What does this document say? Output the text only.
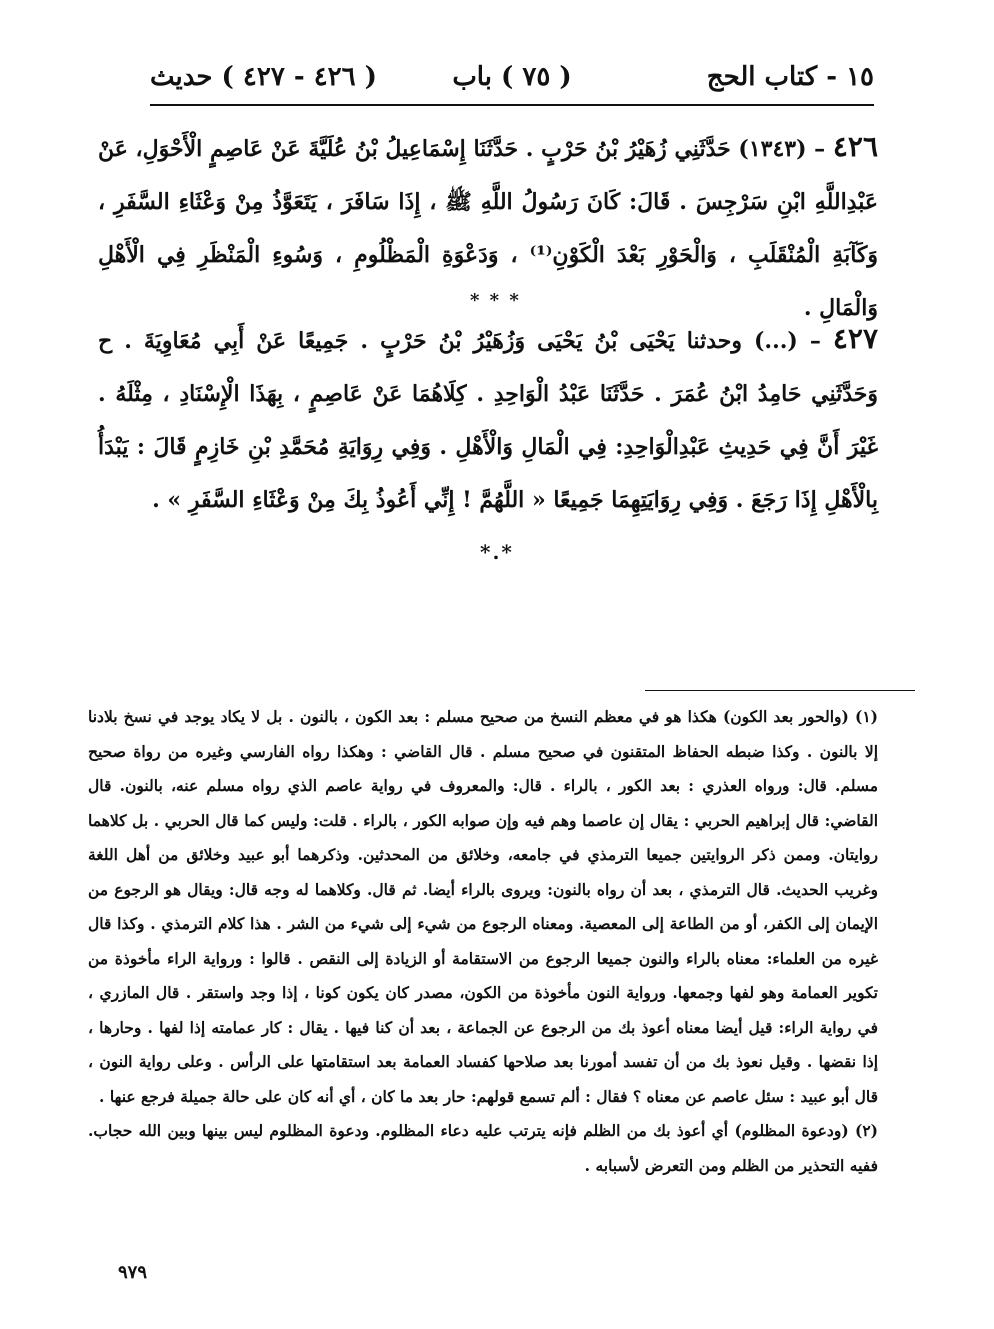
١٥ - كتاب الحج
( ٧٥ ) باب
( ٤٢٦ - ٤٢٧ ) حديث
٤٢٦ – (١٣٤٣) حَدَّثَنِي زُهَيْرُ بْنُ حَرْبٍ . حَدَّثَنَا إِسْمَاعِيلُ بْنُ عُلَيَّةَ عَنْ عَاصِمٍ الْأَحْوَلِ، عَنْ عَبْدِاللَّهِ ابْنِ سَرْجِسَ . قَالَ: كَانَ رَسُولُ اللَّهِ ﷺ ، إِذَا سَافَرَ ، يَتَعَوَّذُ مِنْ وَعْثَاءِ السَّفَرِ ، وَكَآبَةِ الْمُنْقَلَبِ ، وَالْحَوْرِ بَعْدَ الْكَوْنِ⁽¹⁾ ، وَدَعْوَةِ الْمَظْلُومِ ، وَسُوءِ الْمَنْظَرِ فِي الْأَهْلِ وَالْمَالِ .
* * *
٤٢٧ – (...) وحدثنا يَحْيَى بْنُ يَحْيَى وَزُهَيْرُ بْنُ حَرْبٍ . جَمِيعًا عَنْ أَبِي مُعَاوِيَةَ . ح وَحَدَّثَنِي حَامِدُ ابْنُ عُمَرَ . حَدَّثَنَا عَبْدُ الْوَاحِدِ . كِلَاهُمَا عَنْ عَاصِمٍ ، بِهَذَا الْإِسْنَادِ ، مِثْلَهُ . غَيْرَ أَنَّ فِي حَدِيثِ عَبْدِالْوَاحِدِ: فِي الْمَالِ وَالْأَهْلِ . وَفِي رِوَايَةِ مُحَمَّدِ بْنِ خَازِمٍ قَالَ : يَبْدَأُ بِالْأَهْلِ إِذَا رَجَعَ . وَفِي رِوَايَتِهِمَا جَمِيعًا « اللَّهُمَّ ! إِنِّي أَعُوذُ بِكَ مِنْ وَعْثَاءِ السَّفَرِ » .
*.*

(١) (والحور بعد الكون) هكذا هو في معظم النسخ من صحيح مسلم : بعد الكون ، بالنون . بل لا يكاد يوجد في نسخ بلادنا إلا بالنون . وكذا ضبطه الحفاظ المتقنون في صحيح مسلم . قال القاضي : وهكذا رواه الفارسي وغيره من رواة صحيح مسلم. قال: ورواه العذري : بعد الكور ، بالراء . قال: والمعروف في رواية عاصم الذي رواه مسلم عنه، بالنون. قال القاضي: قال إبراهيم الحربي : يقال إن عاصما وهم فيه وإن صوابه الكور ، بالراء . قلت: وليس كما قال الحربي . بل كلاهما روايتان. وممن ذكر الروايتين جميعا الترمذي في جامعه، وخلائق من المحدثين. وذكرهما أبو عبيد وخلائق من أهل اللغة وغريب الحديث. قال الترمذي ، بعد أن رواه بالنون: ويروى بالراء أيضا. ثم قال. وكلاهما له وجه قال: ويقال هو الرجوع من الإيمان إلى الكفر، أو من الطاعة إلى المعصية. ومعناه الرجوع من شيء إلى شيء من الشر . هذا كلام الترمذي . وكذا قال غيره من العلماء: معناه بالراء والنون جميعا الرجوع من الاستقامة أو الزيادة إلى النقص . قالوا : ورواية الراء مأخوذة من تكوير العمامة وهو لفها وجمعها. ورواية النون مأخوذة من الكون، مصدر كان يكون كونا ، إذا وجد واستقر . قال المازري ، في رواية الراء: قيل أيضا معناه أعوذ بك من الرجوع عن الجماعة ، بعد أن كنا فيها . يقال : كار عمامته إذا لفها . وحارها ، إذا نقضها . وقيل نعوذ بك من أن تفسد أمورنا بعد صلاحها كفساد العمامة بعد استقامتها على الرأس . وعلى رواية النون ، قال أبو عبيد : سئل عاصم عن معناه ؟ فقال : ألم تسمع قولهم: حار بعد ما كان ، أي أنه كان على حالة جميلة فرجع عنها .

(٢) (ودعوة المظلوم) أي أعوذ بك من الظلم فإنه يترتب عليه دعاء المظلوم. ودعوة المظلوم ليس بينها وبين الله حجاب. ففيه التحذير من الظلم ومن التعرض لأسبابه .

٩٧٩
